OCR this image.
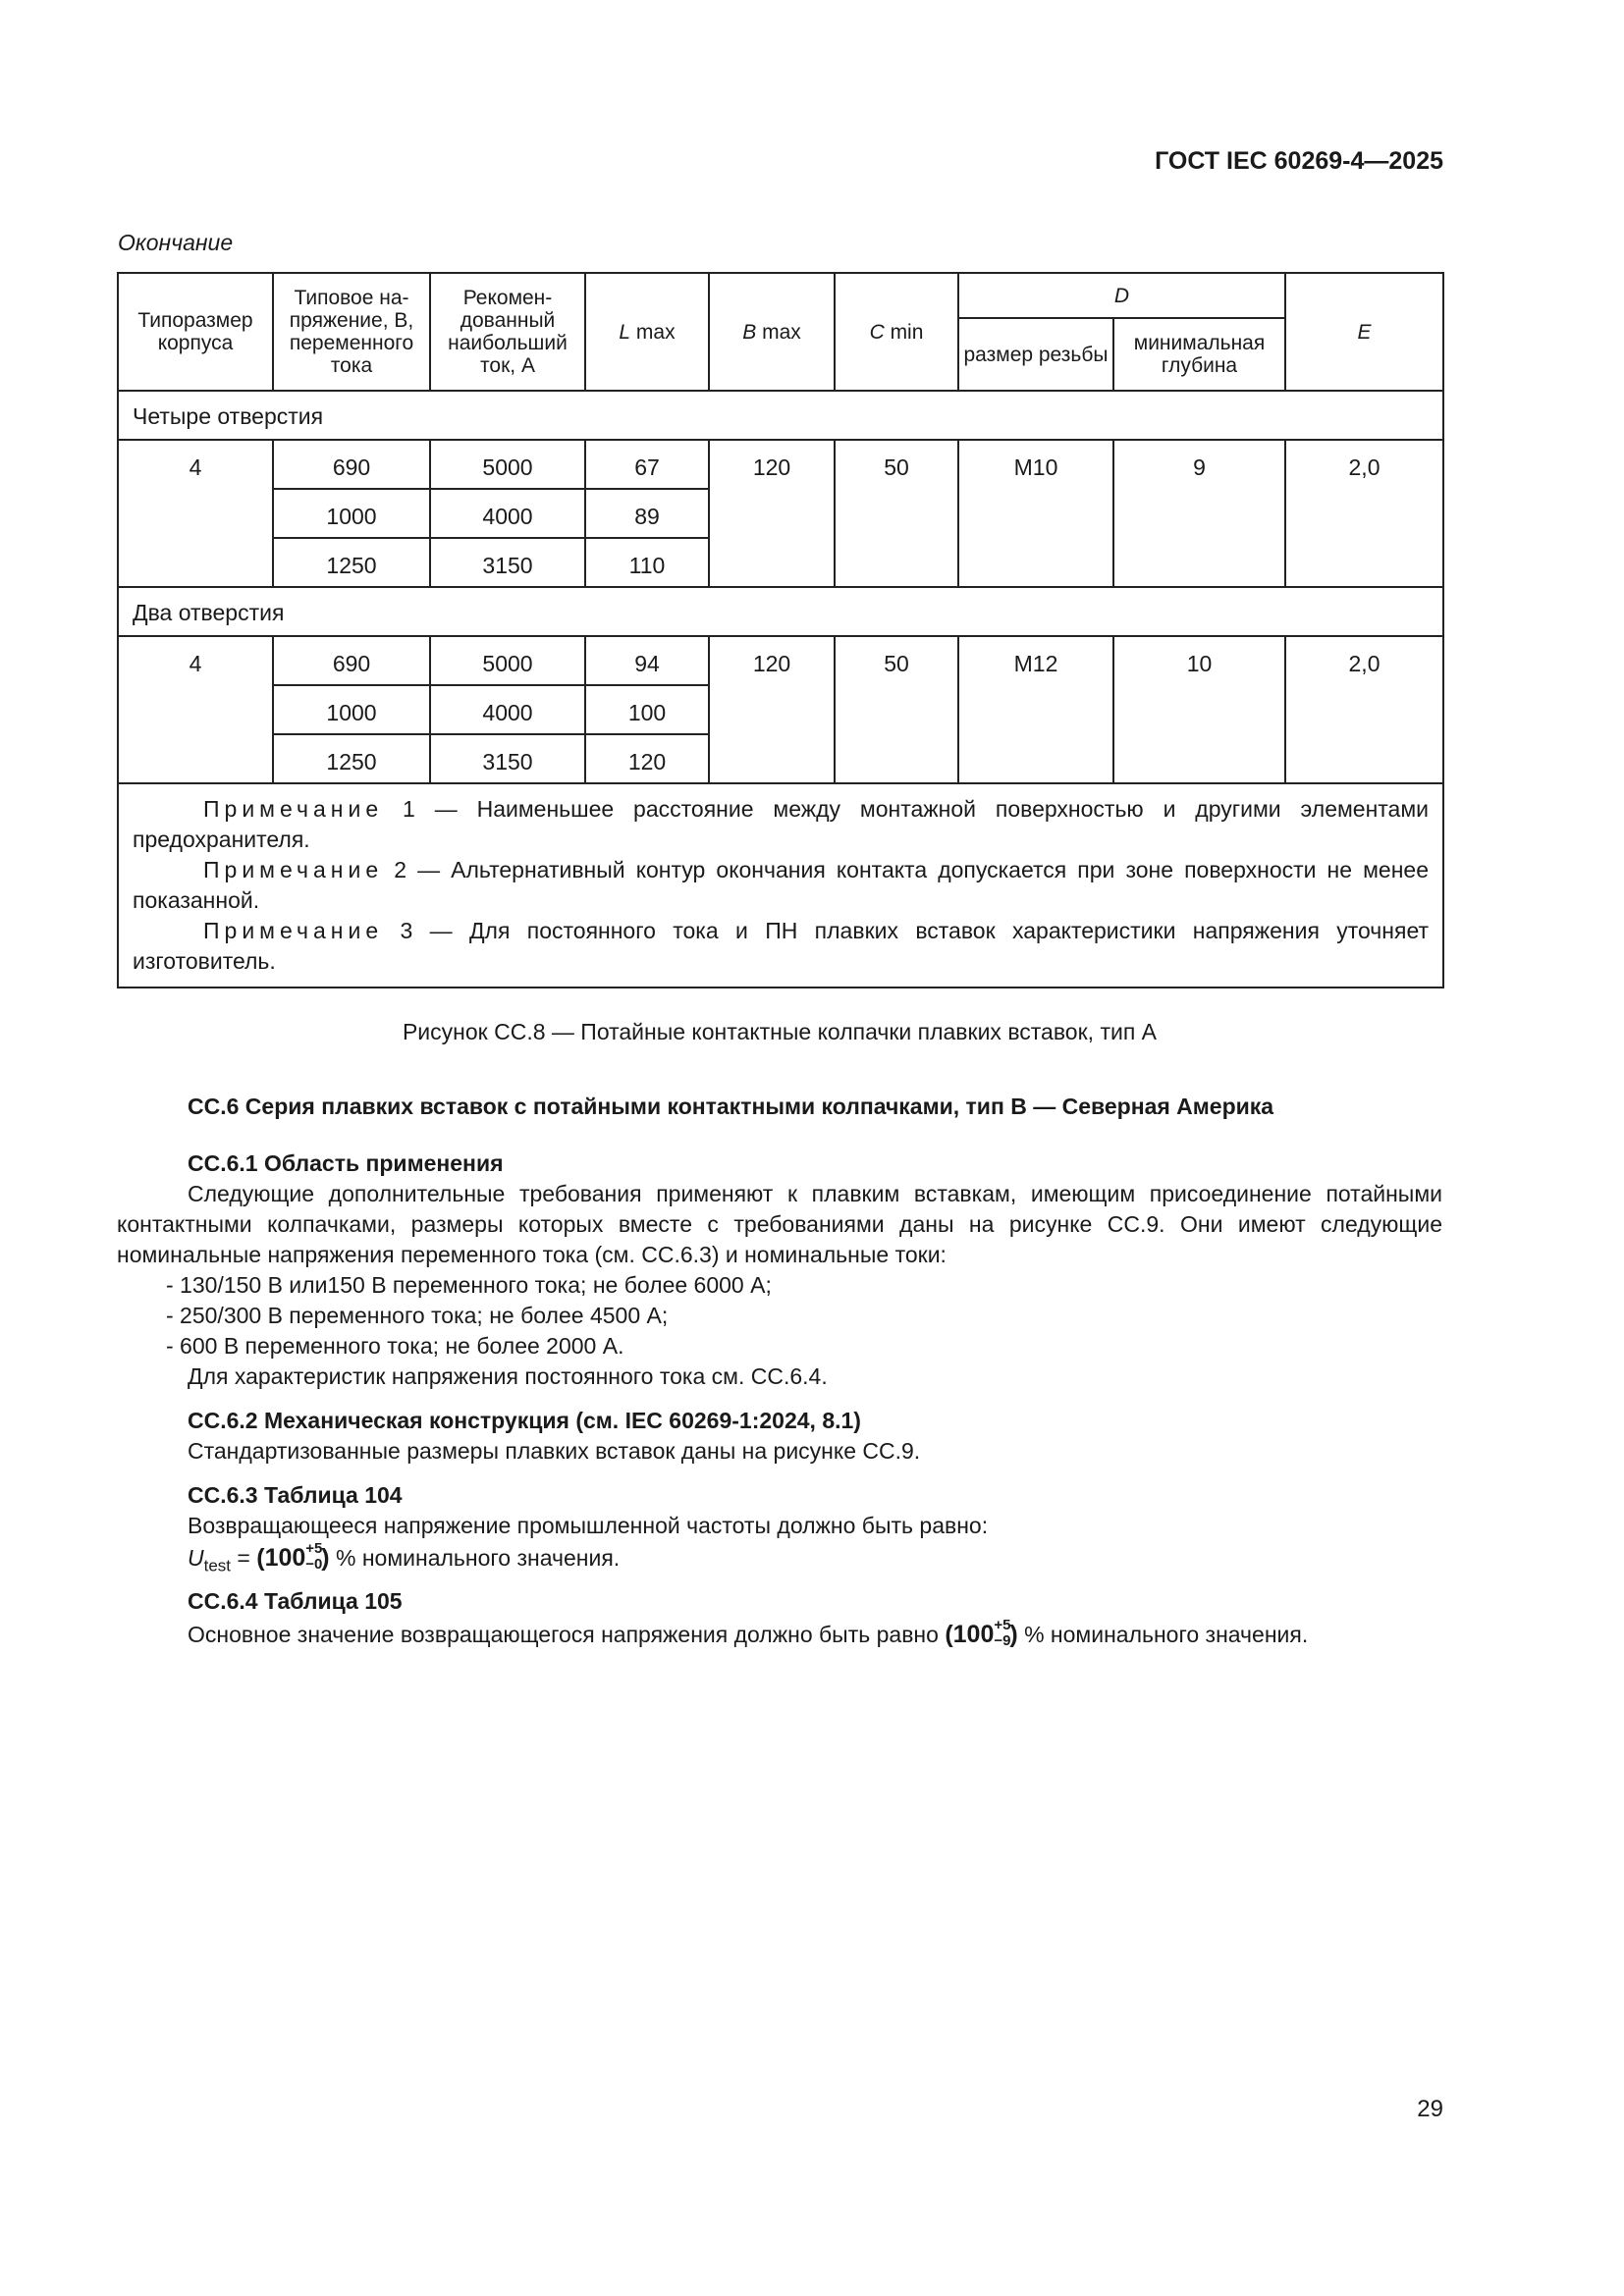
ГОСТ IEC 60269-4—2025
Окончание
Типоразмер корпуса	Типовое на-пряжение, В, переменного тока	Рекомен-дованный наибольший ток, А	L max	B max	C min	D		E
						размер резьбы	минимальная глубина	
Четыре отверстия								
4	690	5000	67	120	50	M10	9	2,0
	1000	4000	89					
	1250	3150	110					
Два отверстия								
4	690	5000	94	120	50	M12	10	2,0
	1000	4000	100					
	1250	3150	120					

Примечание 1 — Наименьшее расстояние между монтажной поверхностью и другими элементами предохранителя.
Примечание 2 — Альтернативный контур окончания контакта допускается при зоне поверхности не менее показанной.
Примечание 3 — Для постоянного тока и ПН плавких вставок характеристики напряжения уточняет изготовитель.								
Рисунок СС.8 — Потайные контактные колпачки плавких вставок, тип А
СС.6 Серия плавких вставок с потайными контактными колпачками, тип В — Северная Америка
СС.6.1 Область применения
Следующие дополнительные требования применяют к плавким вставкам, имеющим присоединение потайными контактными колпачками, размеры которых вместе с требованиями даны на рисунке СС.9. Они имеют следующие номинальные напряжения переменного тока (см. СС.6.3) и номинальные токи:
- 130/150 В или150 В переменного тока; не более 6000 А;
- 250/300 В переменного тока; не более 4500 А;
- 600 В переменного тока; не более 2000 А.
Для характеристик напряжения постоянного тока см. СС.6.4.
СС.6.2 Механическая конструкция (см. IEC 60269-1:2024, 8.1)
Стандартизованные размеры плавких вставок даны на рисунке СС.9.
СС.6.3 Таблица 104
Возвращающееся напряжение промышленной частоты должно быть равно:
$U_{test} = (100 +5$
−0
) % номинального значения.
СС.6.4 Таблица 105
Основное значение возвращающегося напряжения должно быть равно (100 +5
−9
) % номинального значения.
29
